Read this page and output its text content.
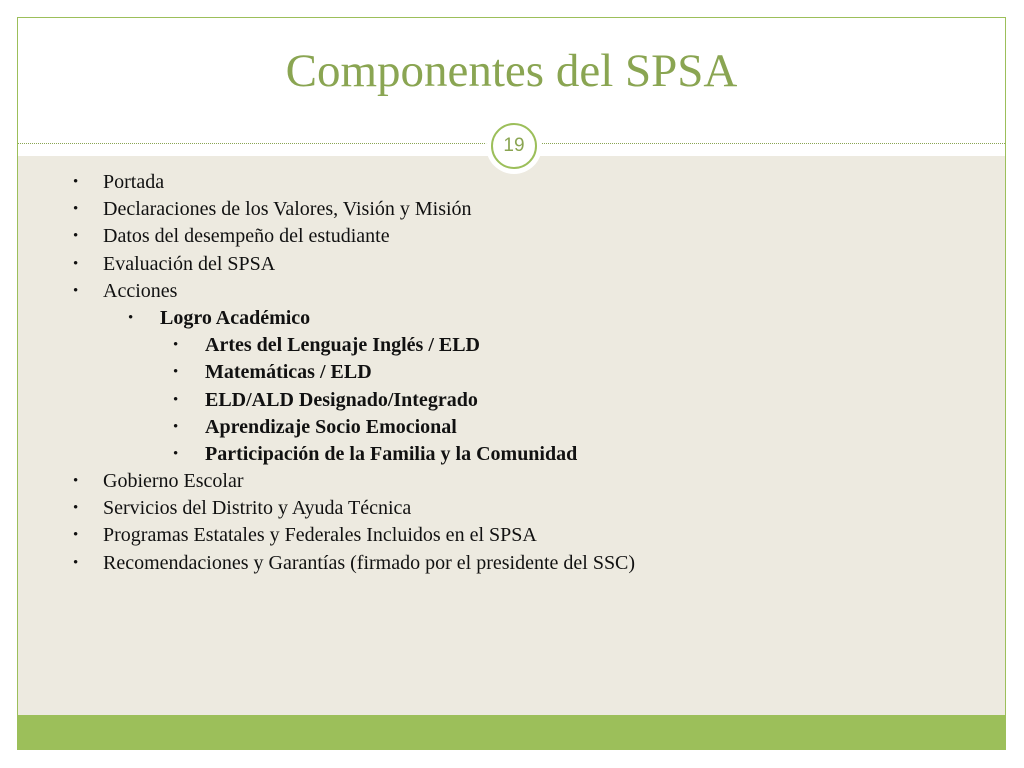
Componentes del SPSA
19
• Portada
• Declaraciones de los Valores, Visión y Misión
• Datos del desempeño del estudiante
• Evaluación del SPSA
• Acciones
• Logro Académico
• Artes del Lenguaje Inglés / ELD
• Matemáticas / ELD
• ELD/ALD Designado/Integrado
• Aprendizaje Socio Emocional
• Participación de la Familia y la Comunidad
• Gobierno Escolar
• Servicios del Distrito y Ayuda Técnica
• Programas Estatales y Federales Incluidos en el SPSA
• Recomendaciones y Garantías (firmado por el presidente del SSC)
